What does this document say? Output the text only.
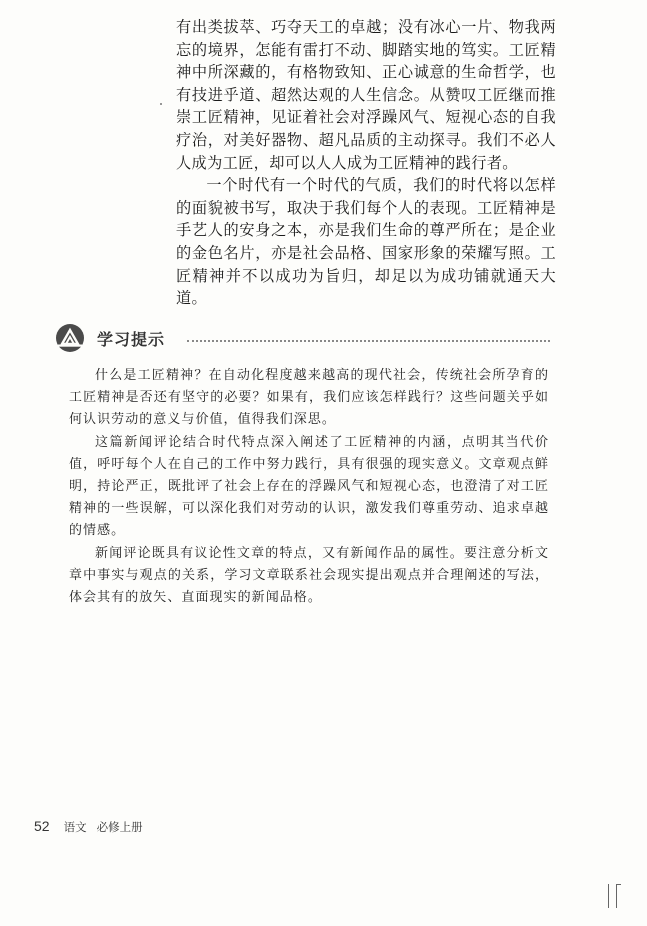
有出类拔萃、巧夺天工的卓越；没有冰心一片、物我两忘的境界，怎能有雷打不动、脚踏实地的笃实。工匠精神中所深藏的，有格物致知、正心诚意的生命哲学，也有技进乎道、超然达观的人生信念。从赞叹工匠继而推崇工匠精神，见证着社会对浮躁风气、短视心态的自我疗治，对美好器物、超凡品质的主动探寻。我们不必人人成为工匠，却可以人人成为工匠精神的践行者。

一个时代有一个时代的气质，我们的时代将以怎样的面貌被书写，取决于我们每个人的表现。工匠精神是手艺人的安身之本，亦是我们生命的尊严所在；是企业的金色名片，亦是社会品格、国家形象的荣耀写照。工匠精神并不以成功为旨归，却足以为成功铺就通天大道。

学习提示

什么是工匠精神？在自动化程度越来越高的现代社会，传统社会所孕育的工匠精神是否还有坚守的必要？如果有，我们应该怎样践行？这些问题关乎如何认识劳动的意义与价值，值得我们深思。

这篇新闻评论结合时代特点深入阐述了工匠精神的内涵，点明其当代价值，呼吁每个人在自己的工作中努力践行，具有很强的现实意义。文章观点鲜明，持论严正，既批评了社会上存在的浮躁风气和短视心态，也澄清了对工匠精神的一些误解，可以深化我们对劳动的认识，激发我们尊重劳动、追求卓越的情感。

新闻评论既具有议论性文章的特点，又有新闻作品的属性。要注意分析文章中事实与观点的关系，学习文章联系社会现实提出观点并合理阐述的写法，体会其有的放矢、直面现实的新闻品格。

52 语文 必修上册
